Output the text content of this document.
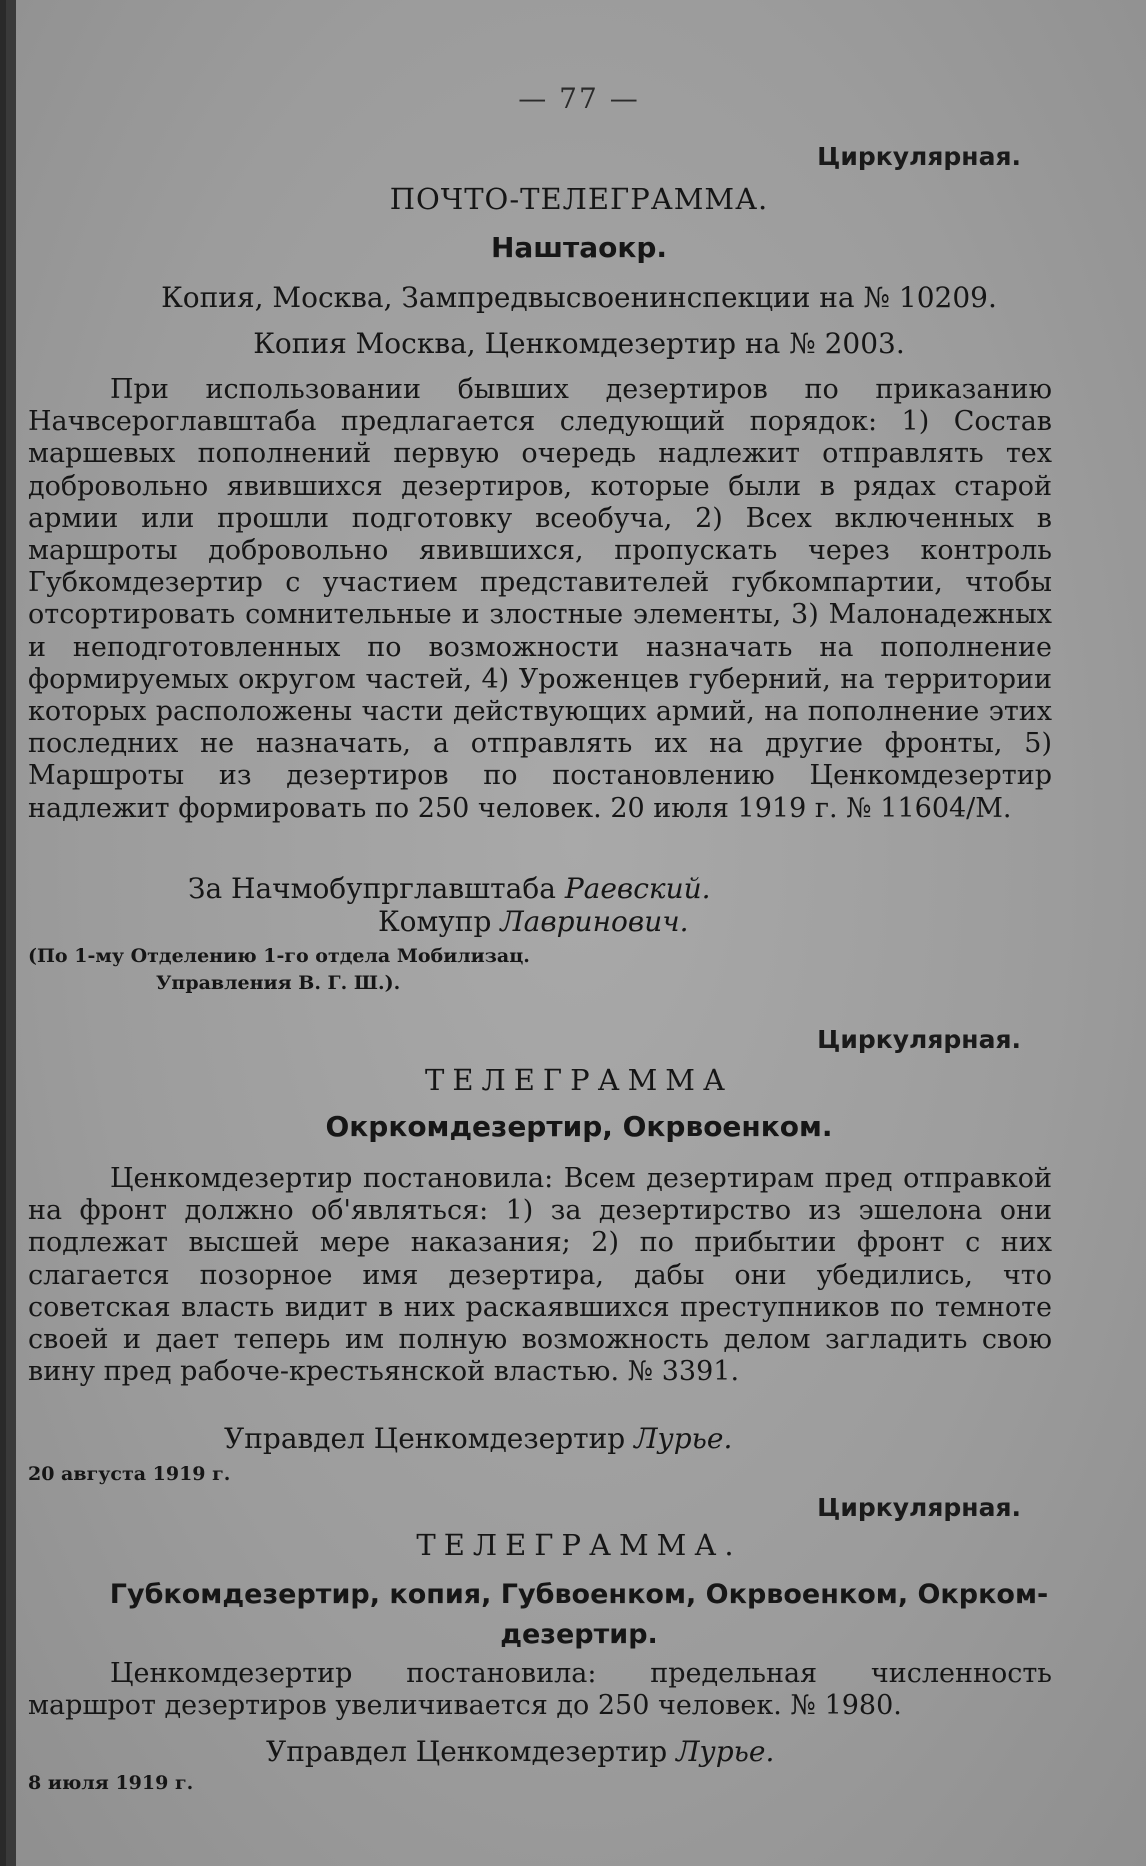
— 77 —
Циркулярная.
ПОЧТО-ТЕЛЕГРАММА.
Наштаокр.
Копия, Москва, Зампредвысвоенинспекции на № 10209.
Копия Москва, Ценкомдезертир на № 2003.

При использовании бывших дезертиров по приказанию Начвсероглавштаба предлагается следующий порядок: 1) Состав маршевых пополнений первую очередь надлежит отправлять тех добровольно явившихся дезертиров, которые были в рядах старой армии или прошли подготовку всеобуча, 2) Всех включенных в маршроты добровольно явившихся, пропускать через контроль Губкомдезертир с участием представителей губкомпартии, чтобы отсортировать сомнительные и злостные элементы, 3) Малонадежных и неподготовленных по возможности назначать на пополнение формируемых округом частей, 4) Уроженцев губерний, на территории которых расположены части действующих армий, на пополнение этих последних не назначать, а отправлять их на другие фронты, 5) Маршроты из дезертиров по постановлению Ценкомдезертир надлежит формировать по 250 человек. 20 июля 1919 г. № 11604/М.

За Начмобупрглавштаба Раевский.
Комупр Лавринович.
(По 1-му Отделению 1-го отдела Мобилизац.
Управления В. Г. Ш.).
Циркулярная.
ТЕЛЕГРАММА
Окркомдезертир, Окрвоенком.

Ценкомдезертир постановила: Всем дезертирам пред отправкой на фронт должно об'являться: 1) за дезертирство из эшелона они подлежат высшей мере наказания; 2) по прибытии фронт с них слагается позорное имя дезертира, дабы они убедились, что советская власть видит в них раскаявшихся преступников по темноте своей и дает теперь им полную возможность делом загладить свою вину пред рабоче-крестьянской властью. № 3391.

Управдел Ценкомдезертир Лурье.
20 августа 1919 г.
Циркулярная.
ТЕЛЕГРАММА.
Губкомдезертир, копия, Губвоенком, Окрвоенком, Окрком-
дезертир.

Ценкомдезертир постановила: предельная численность маршрот дезертиров увеличивается до 250 человек. № 1980.

Управдел Ценкомдезертир Лурье.
8 июля 1919 г.
